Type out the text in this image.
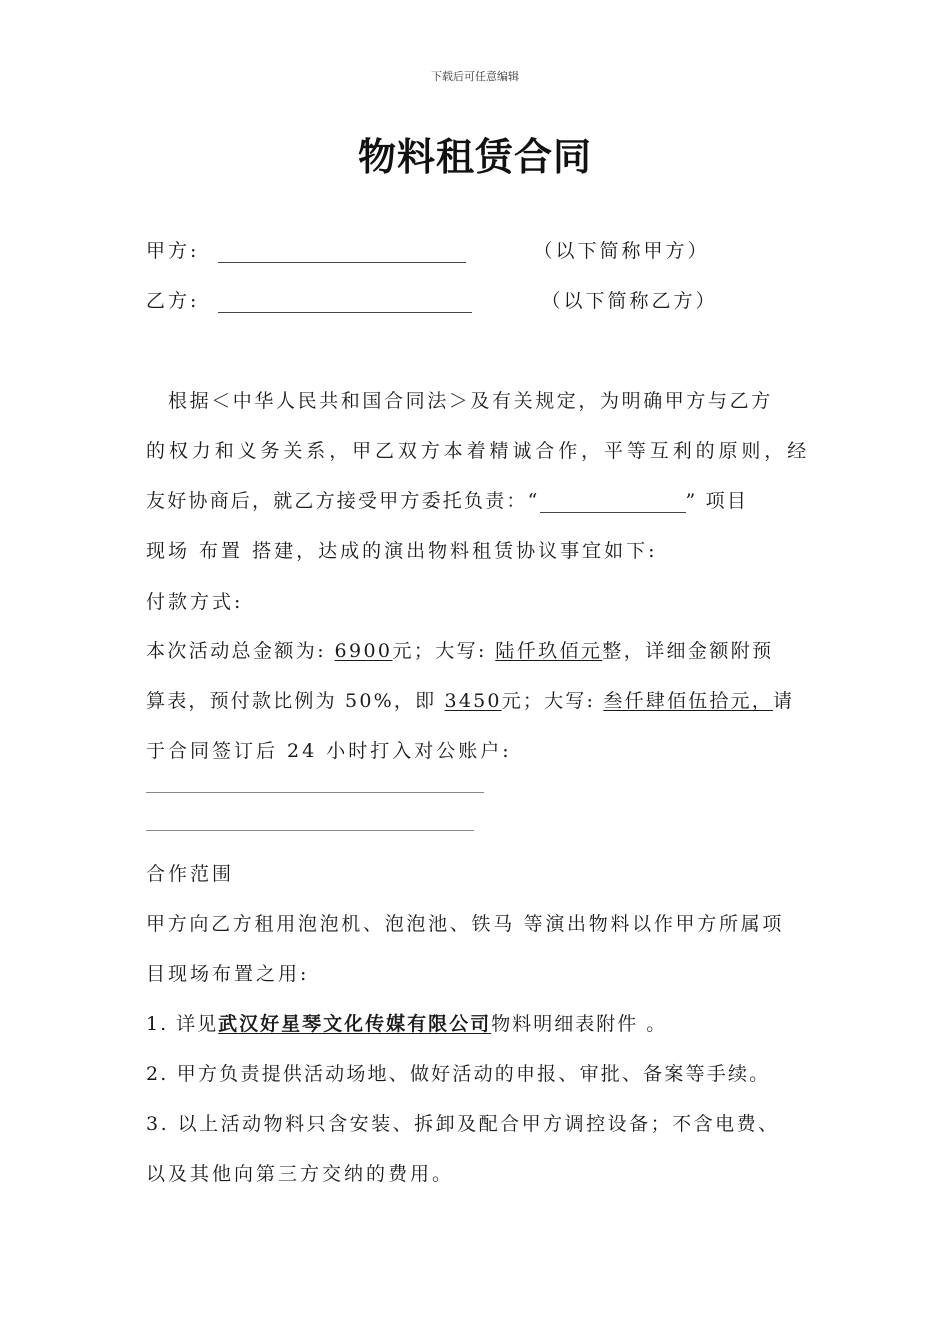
下载后可任意编辑
物料租赁合同
甲方:	（以下简称甲方）
乙方:	（以下简称乙方）
根据＜中华人民共和国合同法＞及有关规定，为明确甲方与乙方
的权力和义务关系，甲乙双方本着精诚合作，平等互利的原则，经
友好协商后，就乙方接受甲方委托负责：“	” 项目
现场 布置 搭建，达成的演出物料租赁协议事宜如下:
付款方式:
本次活动总金额为: 6900元；大写: 陆仟玖佰元整，详细金额附预
算表，预付款比例为 50%，即 3450元；大写: 叁仟肆佰伍拾元，请
于合同签订后 24 小时打入对公账户:
合作范围
甲方向乙方租用泡泡机、泡泡池、铁马 等演出物料以作甲方所属项
目现场布置之用:
1. 详见武汉好星琴文化传媒有限公司物料明细表附件 。
2. 甲方负责提供活动场地、做好活动的申报、审批、备案等手续。
3. 以上活动物料只含安装、拆卸及配合甲方调控设备；不含电费、
以及其他向第三方交纳的费用。
